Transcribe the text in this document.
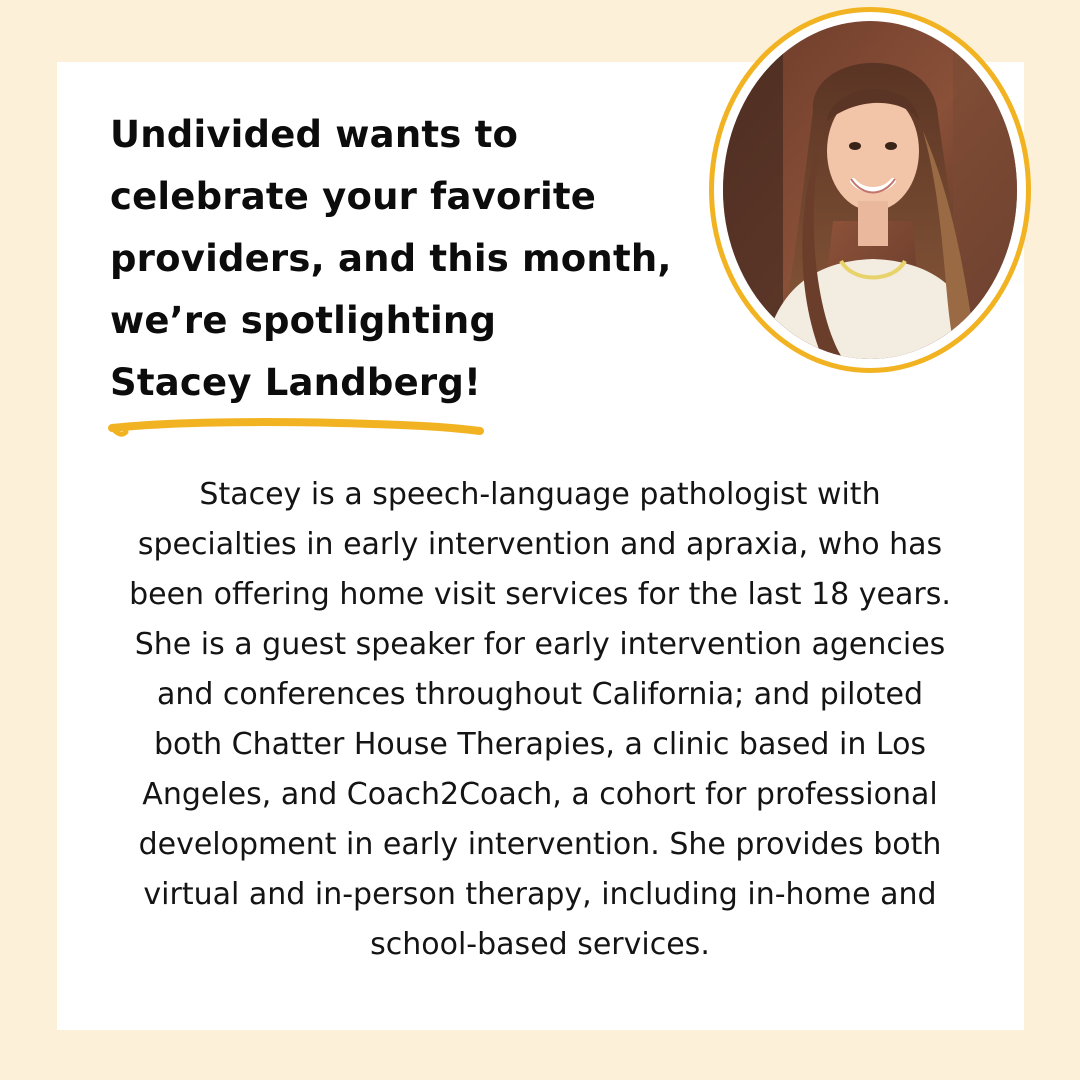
Undivided wants to
celebrate your favorite
providers, and this month,
we’re spotlighting
Stacey Landberg!

Stacey is a speech-language pathologist with
specialties in early intervention and apraxia, who has
been offering home visit services for the last 18 years.
She is a guest speaker for early intervention agencies
and conferences throughout California; and piloted
both Chatter House Therapies, a clinic based in Los
Angeles, and Coach2Coach, a cohort for professional
development in early intervention. She provides both
virtual and in-person therapy, including in-home and
school-based services.
